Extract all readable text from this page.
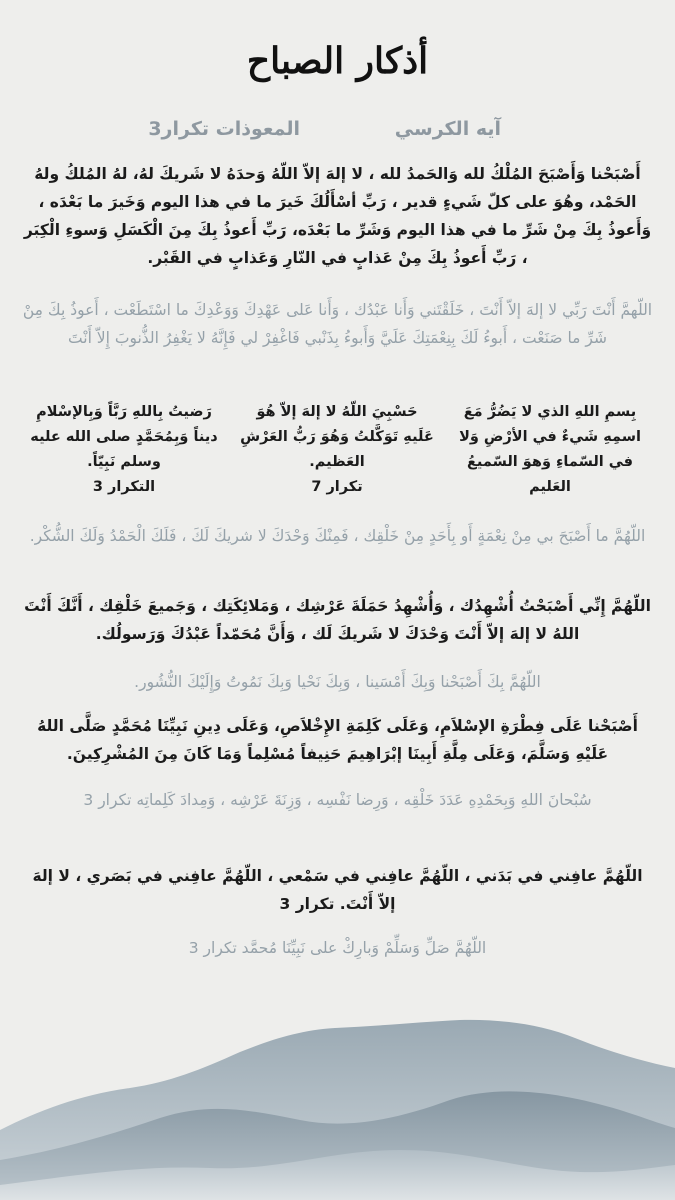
أذكار الصباح
آيه الكرسي
المعوذات تكرار3

أَصْبَحْنا وَأَصْبَحَ المُلْكُ لله وَالحَمدُ لله ، لا إلهَ إلاّ اللّهُ وَحدَهُ لا شَريكَ لهُ، لهُ المُلكُ ولهُ الحَمْد، وهُوَ على كلّ شَيءٍ قدير ، رَبِّ أسْأَلُكَ خَيرَ ما في هذا اليوم وَخَيرَ ما بَعْدَه ، وَأَعوذُ بِكَ مِنْ شَرِّ ما في هذا اليوم وَشَرِّ ما بَعْدَه، رَبِّ أَعوذُ بِكَ مِنَ الْكَسَلِ وَسوءِ الْكِبَر ، رَبِّ أَعوذُ بِكَ مِنْ عَذابٍ في النّارِ وَعَذابٍ في القَبْر.

اللّهمَّ أَنْتَ رَبِّي لا إلهَ إلاّ أَنْتَ ، خَلَقْتَني وَأَنا عَبْدُك ، وَأَنا عَلى عَهْدِكَ وَوَعْدِكَ ما اسْتَطَعْت ، أَعوذُ بِكَ مِنْ شَرِّ ما صَنَعْت ، أَبوءُ لَكَ بِنِعْمَتِكَ عَلَيَّ وَأَبوءُ بِذَنْبي فَاغْفِرْ لي فَإِنَّهُ لا يَغْفِرُ الذُّنوبَ إِلاّ أَنْتَ

بِسمِ اللهِ الذي لا يَضُرُّ مَعَ اسمِهِ شَيءٌ في الأرْضِ وَلا في السّماءِ وَهوَ السّميعُ العَليم
حَسْبِيَ اللّهُ لا إلهَ إلاّ هُوَ عَلَيهِ تَوَكَّلتُ وَهُوَ رَبُّ العَرْشِ العَظيم.
تكرار 7
رَضيتُ بِاللهِ رَبَّاً وَبِالإسْلامِ ديناً وَبِمُحَمَّدٍ صلى الله عليه وسلم نَبِيّاً.
التكرار 3

اللّهُمَّ ما أَصْبَحَ بي مِنْ نِعْمَةٍ أَو بِأَحَدٍ مِنْ خَلْقِك ، فَمِنْكَ وَحْدَكَ لا شريكَ لَكَ ، فَلَكَ الْحَمْدُ وَلَكَ الشُّكْر.

اللّهُمَّ إِنِّي أَصْبَحْتُ أُشْهِدُك ، وَأُشْهِدُ حَمَلَةَ عَرْشِك ، وَمَلائِكَتِك ، وَجَميعَ خَلْقِك ، أَنَّكَ أَنْتَ اللهُ لا إلهَ إلاّ أَنْتَ وَحْدَكَ لا شَريكَ لَك ، وَأَنَّ مُحَمّداً عَبْدُكَ وَرَسولُك.

اللّهُمَّ بِكَ أَصْبَحْنا وَبِكَ أَمْسَينا ، وَبِكَ نَحْيا وَبِكَ نَمُوتُ وَإِلَيْكَ النُّشُور.

أَصْبَحْنا عَلَى فِطْرَةِ الإسْلاَمِ، وَعَلَى كَلِمَةِ الإِخْلاَصِ، وَعَلَى دِينِ نَبِيِّنَا مُحَمَّدٍ صَلَّى اللهُ عَلَيْهِ وَسَلَّمَ، وَعَلَى مِلَّةِ أَبِينَا إبْرَاهِيمَ حَنِيفاً مُسْلِماً وَمَا كَانَ مِنَ المُشْرِكِينَ.

سُبْحانَ اللهِ وَبِحَمْدِهِ عَدَدَ خَلْقِه ، وَرِضا نَفْسِه ، وَزِنَةَ عَرْشِه ، وَمِدادَ كَلِماتِه تكرار 3

اللّهُمَّ عافِني في بَدَني ، اللّهُمَّ عافِني في سَمْعي ، اللّهُمَّ عافِني في بَصَري ، لا إلهَ إلاّ أَنْتَ. تكرار 3

اللّهُمَّ صَلِّ وَسَلِّمْ وَبارِكْ على نَبِيِّنَا مُحمَّد تكرار 3
